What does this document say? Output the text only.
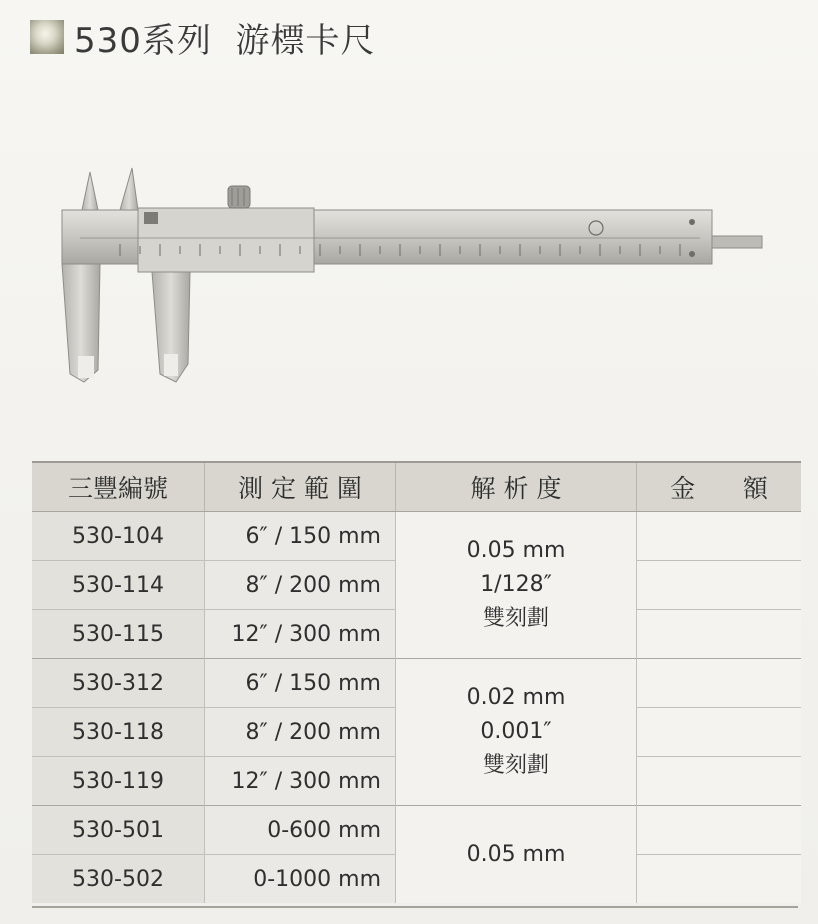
530系列  游標卡尺
三豐編號	測 定 範 圍	解 析 度	金      額
530-104	6″ / 150 mm	0.05 mm
1/128″
雙刻劃	

530-114	8″ / 200 mm		
530-115	12″ / 300 mm		
530-312	6″ / 150 mm	0.02 mm
0.001″
雙刻劃	

530-118	8″ / 200 mm		
530-119	12″ / 300 mm		
530-501	0-600 mm	0.05 mm	

530-502	0-1000 mm		
